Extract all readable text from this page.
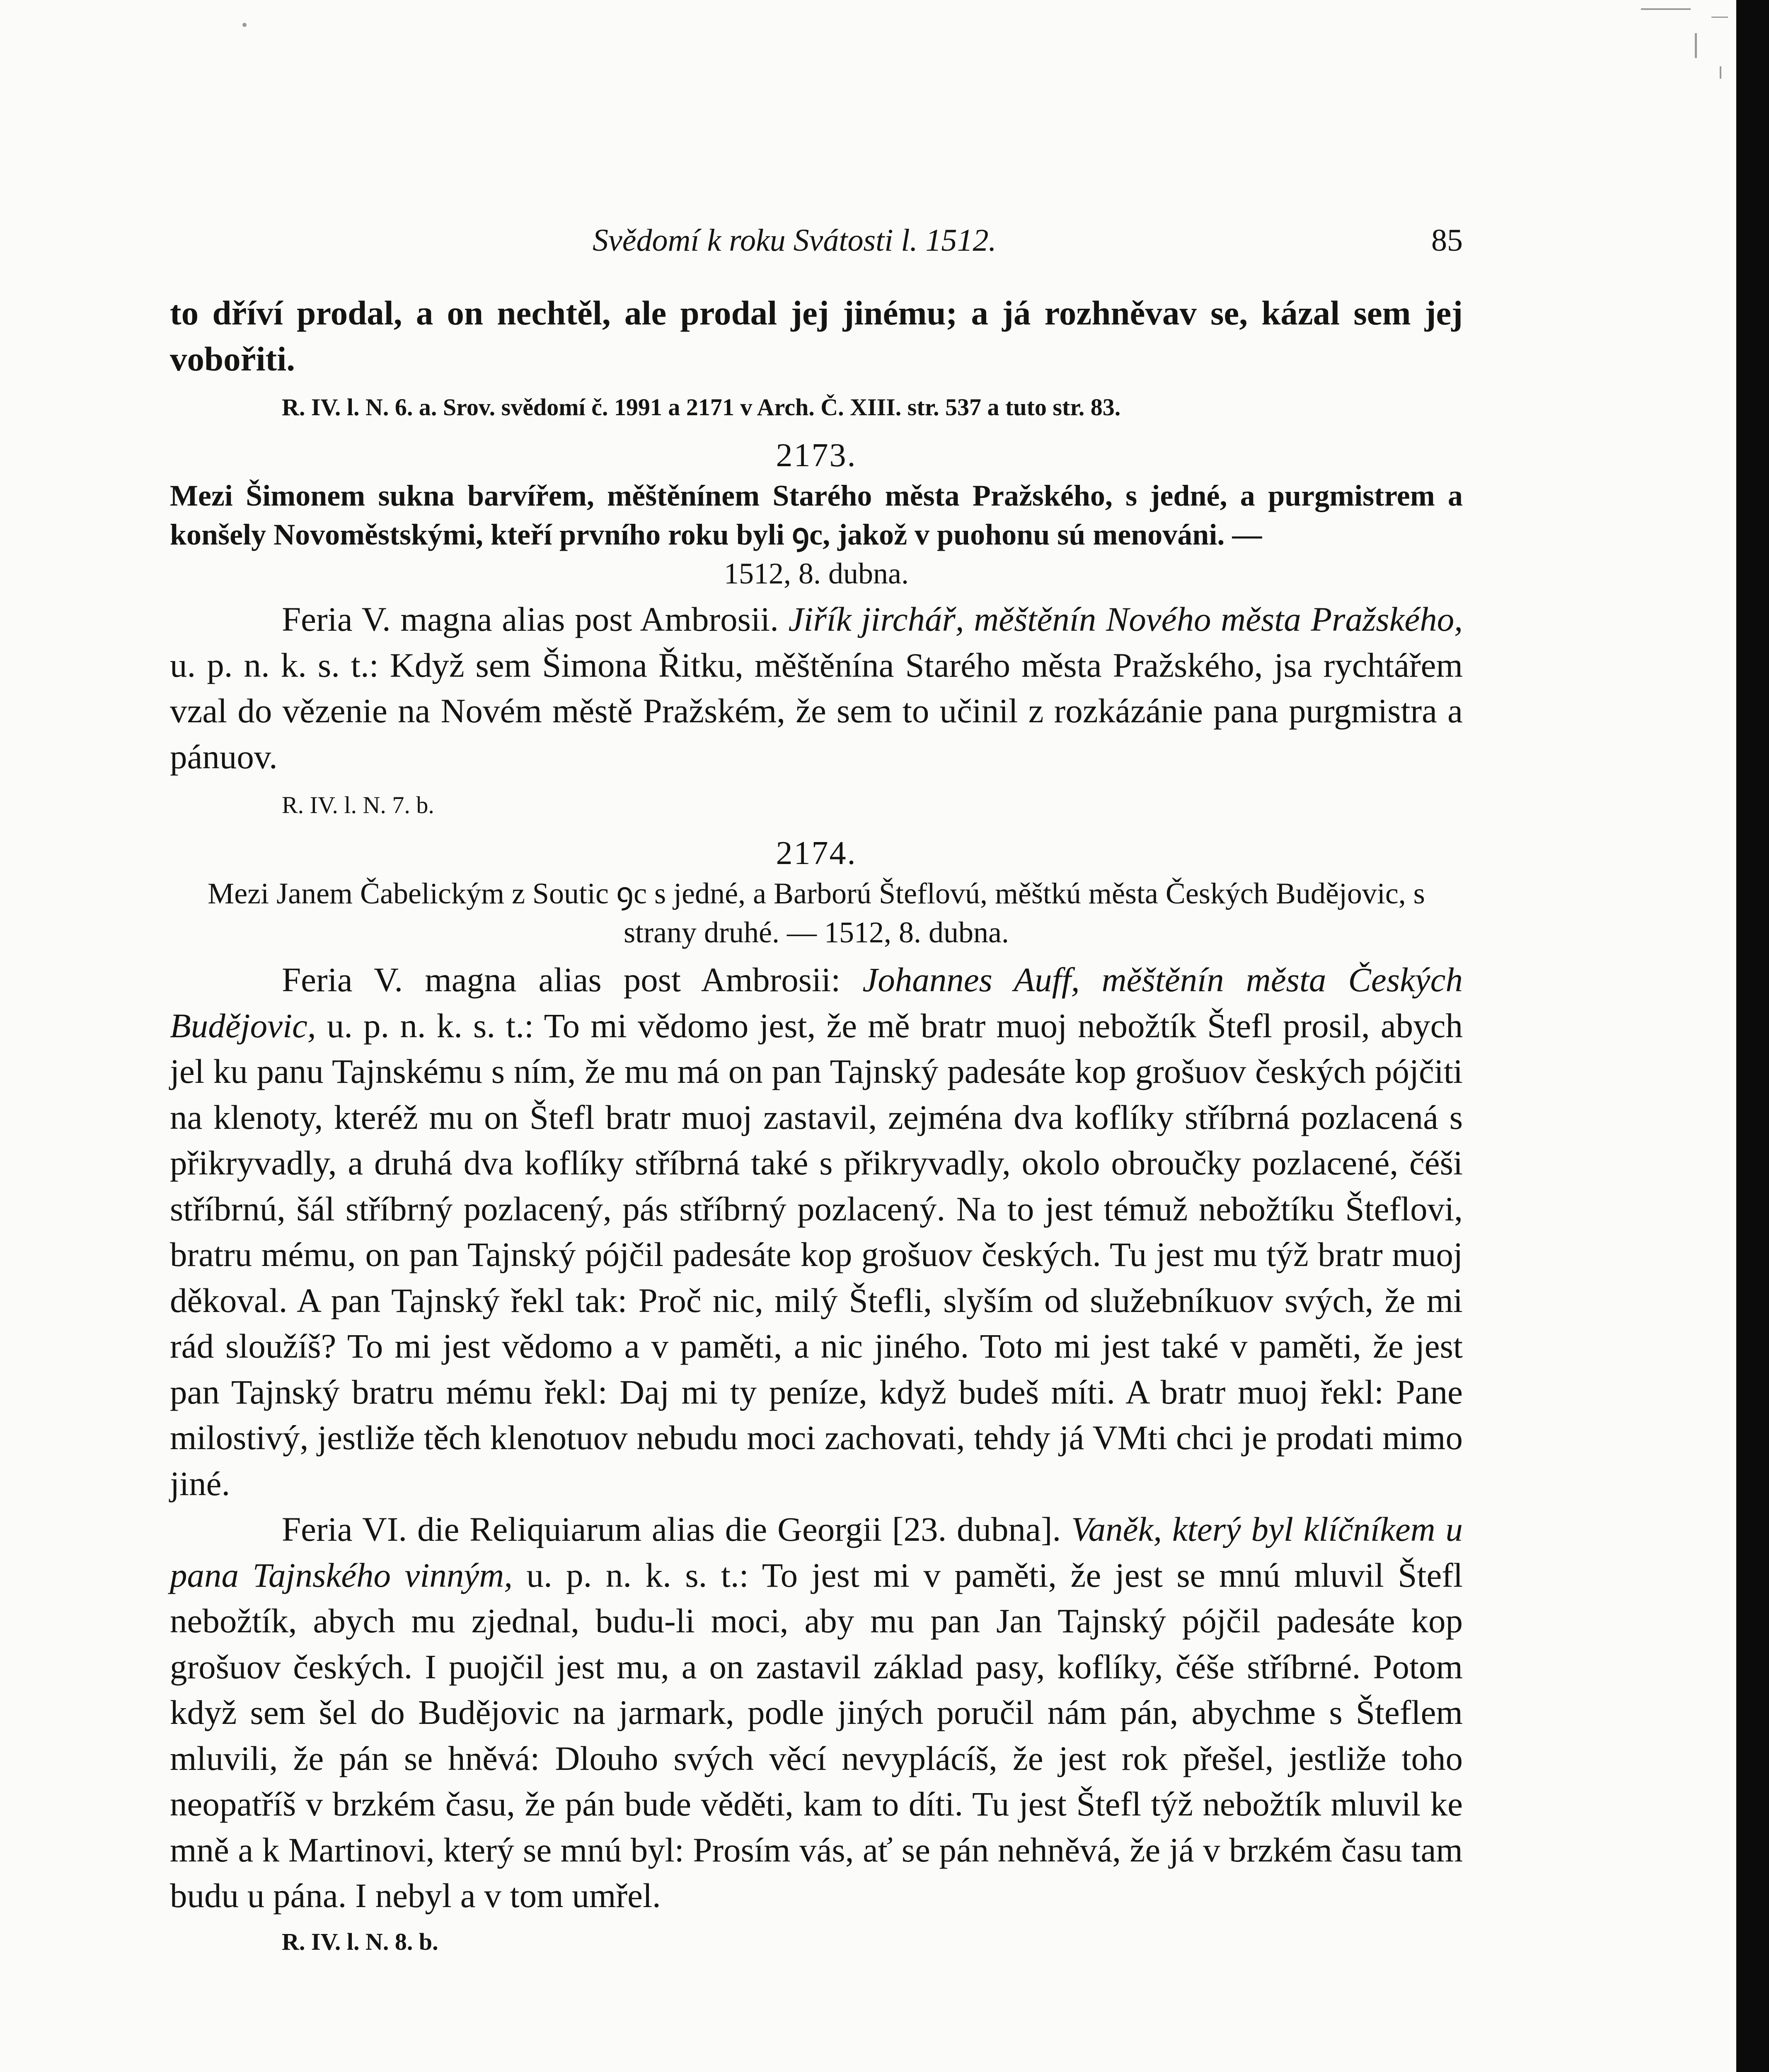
Svědomí k roku Svátosti l. 1512.	85

to dříví prodal, a on nechtěl, ale prodal jej jinému; a já rozhněvav se, kázal sem jej vobořiti.

R. IV. l. N. 6. a. Srov. svědomí č. 1991 a 2171 v Arch. Č. XIII. str. 537 a tuto str. 83.

2173.

Mezi Šimonem sukna barvířem, měštěnínem Starého města Pražského, s jedné, a purgmistrem a konšely Novoměstskými, kteří prvního roku byli ꝯc, jakož v puohonu sú menováni. —

1512, 8. dubna.

Feria V. magna alias post Ambrosii. Jiřík jirchář, měštěnín Nového města Pražského, u. p. n. k. s. t.: Když sem Šimona Řitku, měštěnína Starého města Pražského, jsa rychtářem vzal do vězenie na Novém městě Pražském, že sem to učinil z rozkázánie pana purgmistra a pánuov.

R. IV. l. N. 7. b.

2174.

Mezi Janem Čabelickým z Soutic ꝯc s jedné, a Barború Šteflovú, měštkú města Českých Budějovic, s strany druhé. — 1512, 8. dubna.

Feria V. magna alias post Ambrosii: Johannes Auff, měštěnín města Českých Budějovic, u. p. n. k. s. t.: To mi vědomo jest, že mě bratr muoj nebožtík Štefl prosil, abych jel ku panu Tajnskému s ním, že mu má on pan Tajnský padesáte kop grošuov českých pójčiti na klenoty, kteréž mu on Štefl bratr muoj zastavil, zejména dva koflíky stříbrná pozlacená s přikryvadly, a druhá dva koflíky stříbrná také s přikryvadly, okolo obroučky pozlacené, čéši stříbrnú, šál stříbrný pozlacený, pás stříbrný pozlacený. Na to jest témuž nebožtíku Šteflovi, bratru mému, on pan Tajnský pójčil padesáte kop grošuov českých. Tu jest mu týž bratr muoj děkoval. A pan Tajnský řekl tak: Proč nic, milý Štefli, slyším od služebníkuov svých, že mi rád sloužíš? To mi jest vědomo a v paměti, a nic jiného. Toto mi jest také v paměti, že jest pan Tajnský bratru mému řekl: Daj mi ty peníze, když budeš míti. A bratr muoj řekl: Pane milostivý, jestliže těch klenotuov nebudu moci zachovati, tehdy já VMti chci je prodati mimo jiné.

Feria VI. die Reliquiarum alias die Georgii [23. dubna]. Vaněk, který byl klíčníkem u pana Tajnského vinným, u. p. n. k. s. t.: To jest mi v paměti, že jest se mnú mluvil Štefl nebožtík, abych mu zjednal, budu-li moci, aby mu pan Jan Tajnský pójčil padesáte kop grošuov českých. I puojčil jest mu, a on zastavil základ pasy, koflíky, čéše stříbrné. Potom když sem šel do Budějovic na jarmark, podle jiných poručil nám pán, abychme s Šteflem mluvili, že pán se hněvá: Dlouho svých věcí nevyplácíš, že jest rok přešel, jestliže toho neopatříš v brzkém času, že pán bude věděti, kam to díti. Tu jest Štefl týž nebožtík mluvil ke mně a k Martinovi, který se mnú byl: Prosím vás, ať se pán nehněvá, že já v brzkém času tam budu u pána. I nebyl a v tom umřel.

R. IV. l. N. 8. b.
